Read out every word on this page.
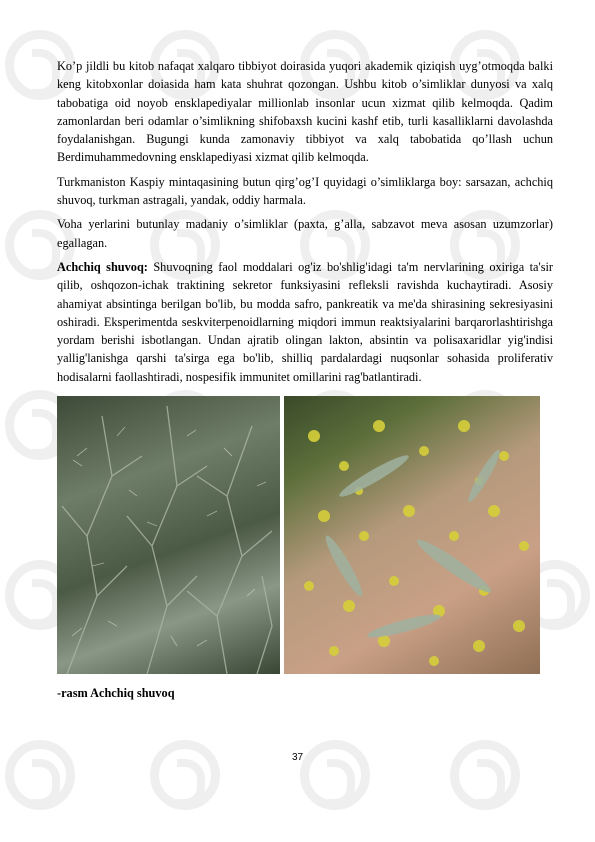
Ko’p jildli bu kitob nafaqat xalqaro tibbiyot doirasida yuqori akademik qiziqish uyg’otmoqda balki keng kitobxonlar doiasida ham kata shuhrat qozongan. Ushbu kitob o’simliklar dunyosi va xalq tabobatiga oid noyob ensklapediyalar millionlab insonlar ucun xizmat qilib kelmoqda. Qadim zamonlardan beri odamlar o’simlikning shifobaxsh kucini kashf etib, turli kasalliklarni davolashda foydalanishgan. Bugungi kunda zamonaviy tibbiyot va xalq tabobatida qo’llash uchun Berdimuhammedovning ensklapediyasi xizmat qilib kelmoqda.

Turkmaniston Kaspiy mintaqasining butun qirg’og’I quyidagi o’simliklarga boy: sarsazan, achchiq shuvoq, turkman astragali, yandak, oddiy harmala.

Voha yerlarini butunlay madaniy o’simliklar (paxta, g’alla, sabzavot meva asosan uzumzorlar) egallagan.

Achchiq shuvoq: Shuvoqning faol moddalari og'iz bo'shlig'idagi ta'm nervlarining oxiriga ta'sir qilib, oshqozon-ichak traktining sekretor funksiyasini refleksli ravishda kuchaytiradi. Asosiy ahamiyat absintinga berilgan bo'lib, bu modda safro, pankreatik va me'da shirasining sekresiyasini oshiradi. Eksperimentda seskviterpenoidlarning miqdori immun reaktsiyalarini barqarorlashtirishga yordam berishi isbotlangan. Undan ajratib olingan lakton, absintin va polisaxaridlar yig'indisi yallig'lanishga qarshi ta'sirga ega bo'lib, shilliq pardalardagi nuqsonlar sohasida proliferativ hodisalarni faollashtiradi, nospesifik immunitet omillarini rag'batlantiradi.

-rasm Achchiq shuvoq
37
